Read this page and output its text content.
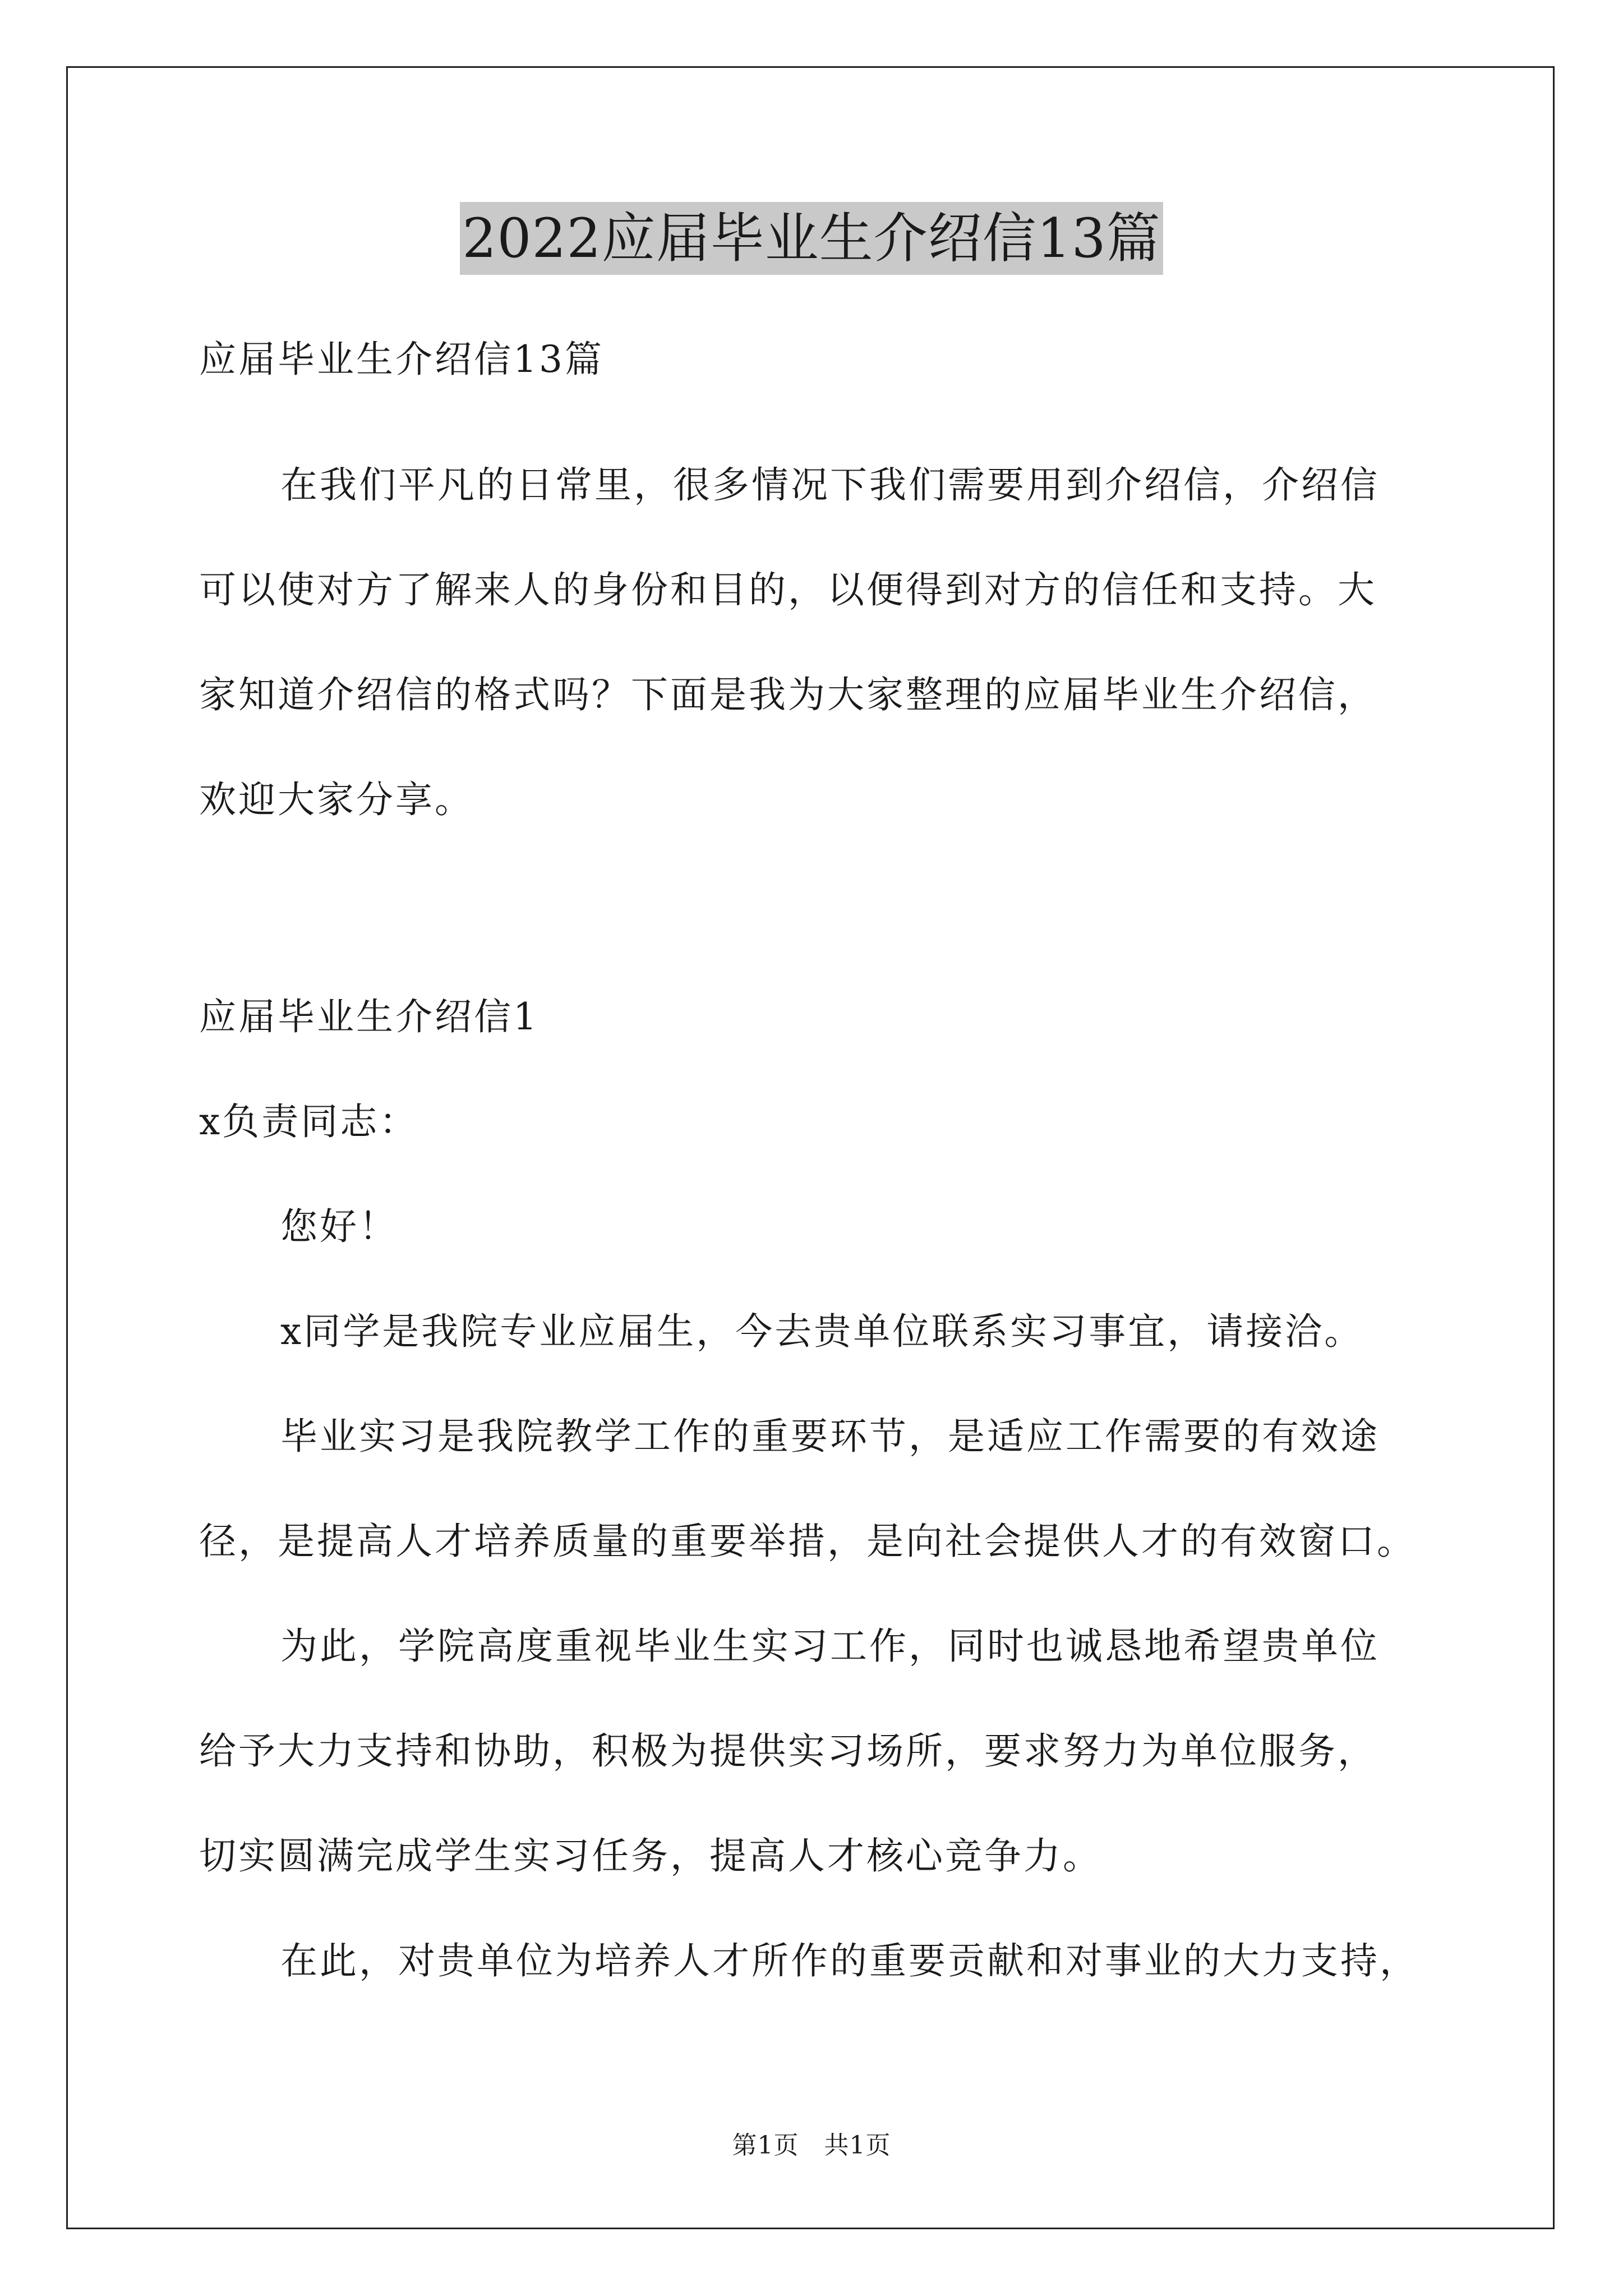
2022应届毕业生介绍信13篇
应届毕业生介绍信13篇
在我们平凡的日常里，很多情况下我们需要用到介绍信，介绍信
可以使对方了解来人的身份和目的，以便得到对方的信任和支持。大
家知道介绍信的格式吗？下面是我为大家整理的应届毕业生介绍信，
欢迎大家分享。
应届毕业生介绍信1
x负责同志：
您好！
x同学是我院专业应届生，今去贵单位联系实习事宜，请接洽。
毕业实习是我院教学工作的重要环节，是适应工作需要的有效途
径，是提高人才培养质量的重要举措，是向社会提供人才的有效窗口。
为此，学院高度重视毕业生实习工作，同时也诚恳地希望贵单位
给予大力支持和协助，积极为提供实习场所，要求努力为单位服务，
切实圆满完成学生实习任务，提高人才核心竞争力。
在此，对贵单位为培养人才所作的重要贡献和对事业的大力支持，
第1页　共1页
